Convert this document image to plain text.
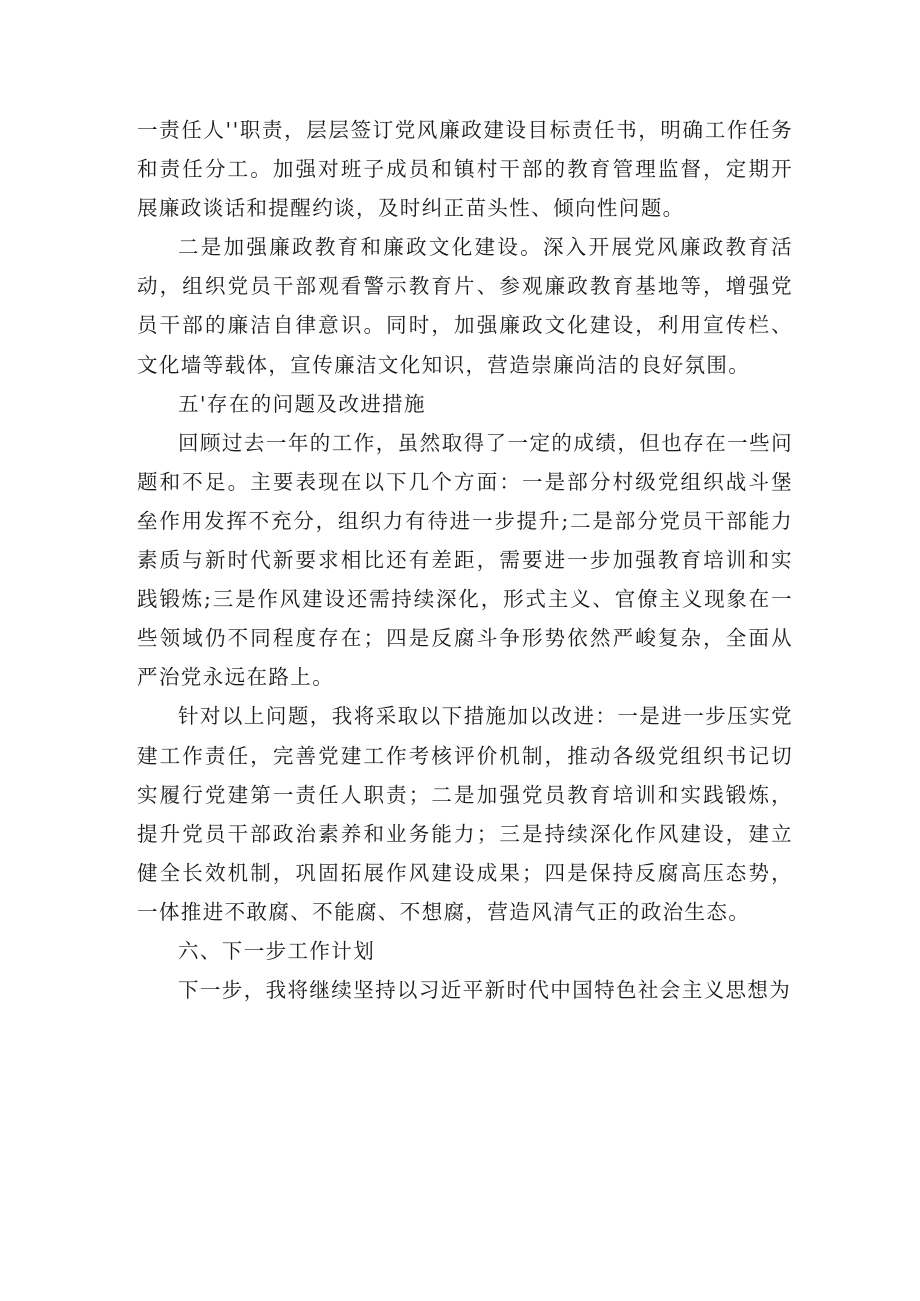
一责任人''职责，层层签订党风廉政建设目标责任书，明确工作任务和责任分工。加强对班子成员和镇村干部的教育管理监督，定期开展廉政谈话和提醒约谈，及时纠正苗头性、倾向性问题。

二是加强廉政教育和廉政文化建设。深入开展党风廉政教育活动，组织党员干部观看警示教育片、参观廉政教育基地等，增强党员干部的廉洁自律意识。同时，加强廉政文化建设，利用宣传栏、文化墙等载体，宣传廉洁文化知识，营造崇廉尚洁的良好氛围。

五'存在的问题及改进措施

回顾过去一年的工作，虽然取得了一定的成绩，但也存在一些问题和不足。主要表现在以下几个方面：一是部分村级党组织战斗堡垒作用发挥不充分，组织力有待进一步提升;二是部分党员干部能力素质与新时代新要求相比还有差距，需要进一步加强教育培训和实践锻炼;三是作风建设还需持续深化，形式主义、官僚主义现象在一些领域仍不同程度存在；四是反腐斗争形势依然严峻复杂，全面从严治党永远在路上。

针对以上问题，我将采取以下措施加以改进：一是进一步压实党建工作责任，完善党建工作考核评价机制，推动各级党组织书记切实履行党建第一责任人职责；二是加强党员教育培训和实践锻炼，提升党员干部政治素养和业务能力；三是持续深化作风建设，建立健全长效机制，巩固拓展作风建设成果；四是保持反腐高压态势，一体推进不敢腐、不能腐、不想腐，营造风清气正的政治生态。

六、下一步工作计划

下一步，我将继续坚持以习近平新时代中国特色社会主义思想为
